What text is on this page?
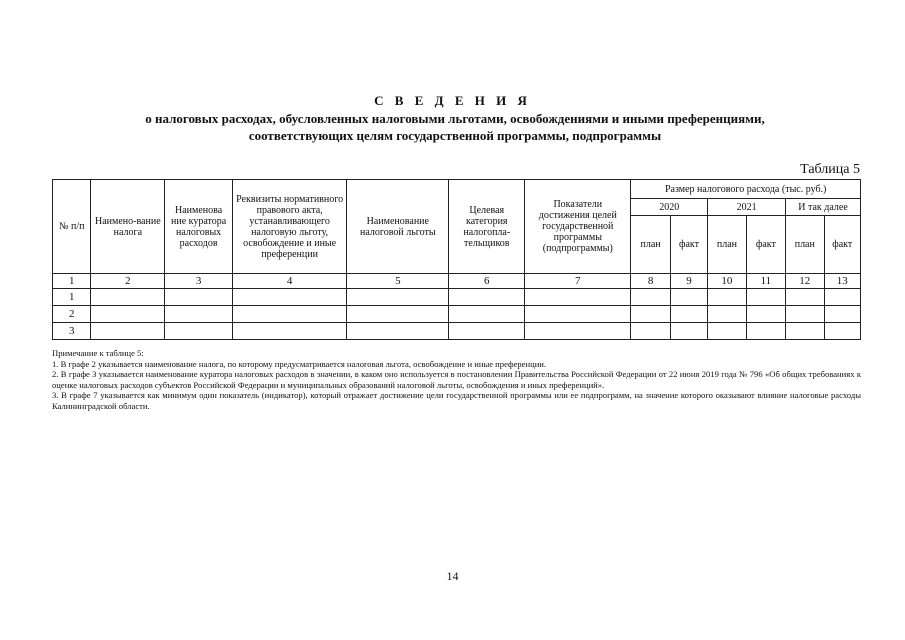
С В Е Д Е Н И Я
о налоговых расходах, обусловленных налоговыми льготами, освобождениями и иными преференциями,
соответствующих целям государственной программы, подпрограммы
Таблица 5
№ п/п	Наимено-вание налога	Наименова ние куратора налоговых расходов	Реквизиты нормативного правового акта, устанавливающего налоговую льготу, освобождение и иные преференции	Наименование налоговой льготы	Целевая категория налогопла-тельщиков	Показатели достижения целей государственной программы (подпрограммы)	Размер налогового расхода (тыс. руб.)					
							2020		2021		И так далее	
							план	факт	план	факт	план	факт
1	2	3	4	5	6	7	8	9	10	11	12	13
1												
2												
3												

Примечание к таблице 5:

1. В графе 2 указывается наименование налога, по которому предусматривается налоговая льгота, освобождение и иные преференции.

2. В графе 3 указывается наименование куратора налоговых расходов в значении, в каком оно используется в постановлении Правительства Российской Федерации от 22 июня 2019 года № 796 «Об общих требованиях к оценке налоговых расходов субъектов Российской Федерации и муниципальных образований налоговой льготы, освобождения и иных преференций».

3. В графе 7 указывается как минимум один показатель (индикатор), который отражает достижение цели государственной программы или ее подпрограмм, на значение которого оказывают влияние налоговые расходы Калининградской области.

14
